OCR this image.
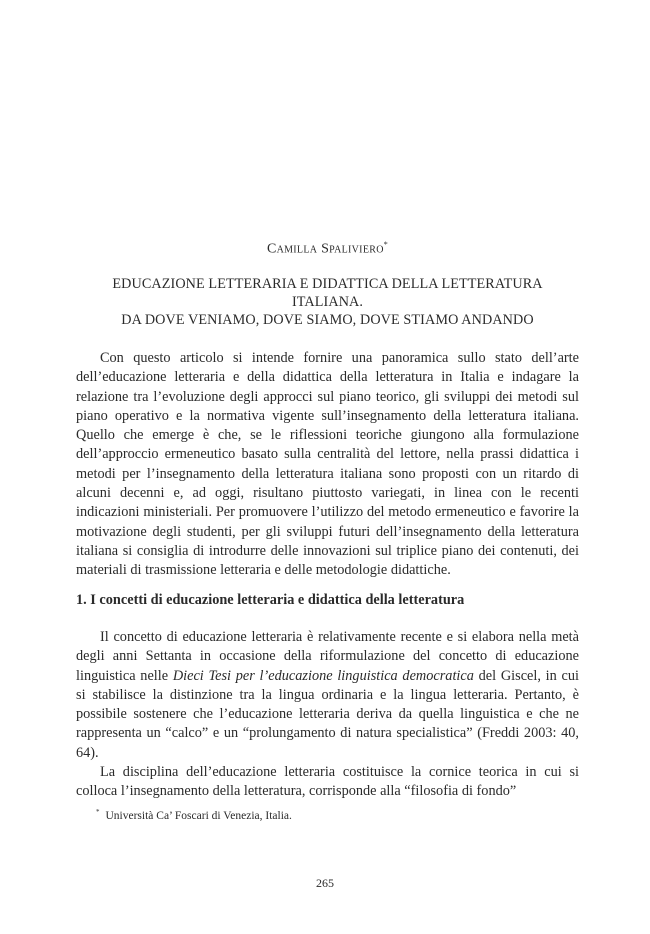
Camilla Spaliviero*
EDUCAZIONE LETTERARIA E DIDATTICA DELLA LETTERATURA ITALIANA.
DA DOVE VENIAMO, DOVE SIAMO, DOVE STIAMO ANDANDO

Con questo articolo si intende fornire una panoramica sullo stato dell’arte dell’educazione letteraria e della didattica della letteratura in Italia e indagare la relazione tra l’evoluzione degli approcci sul piano teorico, gli sviluppi dei metodi sul piano operativo e la normativa vigente sull’insegnamento della letteratura italiana. Quello che emerge è che, se le riflessioni teoriche giungono alla formulazione dell’approccio ermeneutico basato sulla centralità del lettore, nella prassi didattica i metodi per l’insegnamento della letteratura italiana sono proposti con un ritardo di alcuni decenni e, ad oggi, risultano piuttosto variegati, in linea con le recenti indicazioni ministeriali. Per promuovere l’utilizzo del metodo ermeneutico e favorire la motivazione degli studenti, per gli sviluppi futuri dell’insegnamento della letteratura italiana si consiglia di introdurre delle innovazioni sul triplice piano dei contenuti, dei materiali di trasmissione letteraria e delle metodologie didattiche.

1. I concetti di educazione letteraria e didattica della letteratura

Il concetto di educazione letteraria è relativamente recente e si elabora nella metà degli anni Settanta in occasione della riformulazione del concetto di educazione linguistica nelle Dieci Tesi per l’educazione linguistica democratica del Giscel, in cui si stabilisce la distinzione tra la lingua ordinaria e la lingua letteraria. Pertanto, è possibile sostenere che l’educazione letteraria deriva da quella linguistica e che ne rappresenta un “calco” e un “prolungamento di natura specialistica” (Freddi 2003: 40, 64).

La disciplina dell’educazione letteraria costituisce la cornice teorica in cui si colloca l’insegnamento della letteratura, corrisponde alla “filosofia di fondo”

* Università Ca’ Foscari di Venezia, Italia.
265
